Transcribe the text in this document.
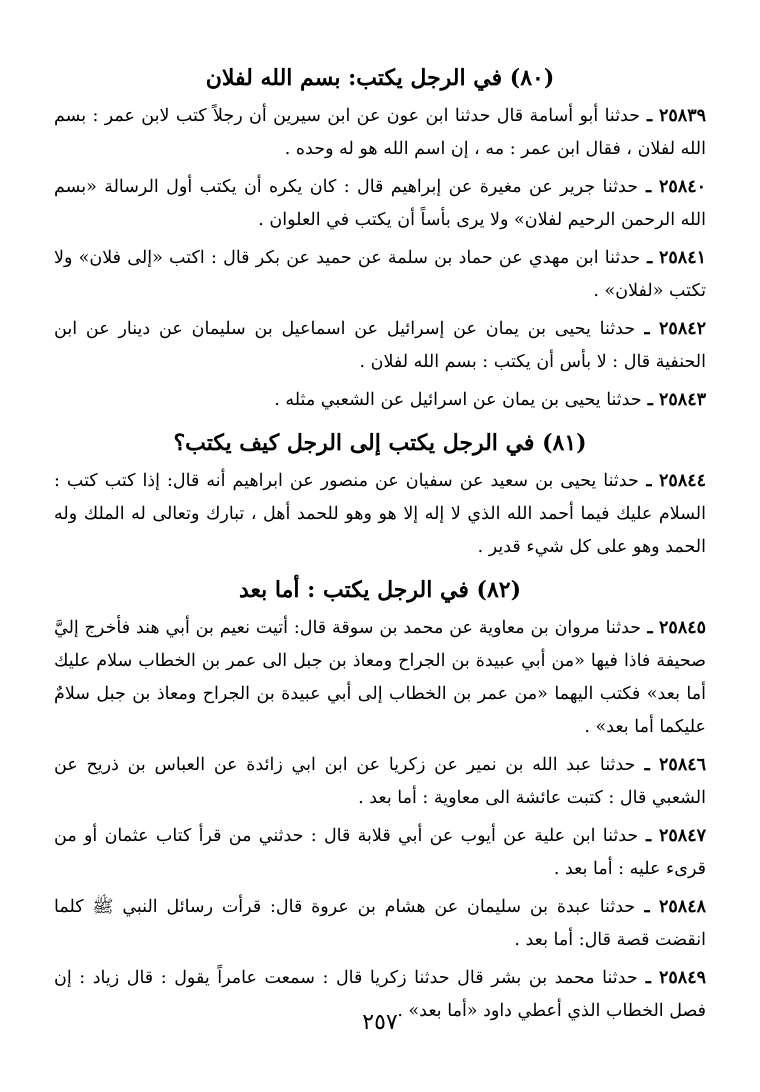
(٨٠) في الرجل يكتب: بسم الله لفلان

٢٥٨٣٩ ـ حدثنا أبو أسامة قال حدثنا ابن عون عن ابن سيرين أن رجلاً كتب لابن عمر : بسم الله لفلان ، فقال ابن عمر : مه ، إن اسم الله هو له وحده .

٢٥٨٤٠ ـ حدثنا جرير عن مغيرة عن إبراهيم قال : كان يكره أن يكتب أول الرسالة «بسم الله الرحمن الرحيم لفلان» ولا يرى بأساً أن يكتب في العلوان .

٢٥٨٤١ ـ حدثنا ابن مهدي عن حماد بن سلمة عن حميد عن بكر قال : اكتب «إلى فلان» ولا تكتب «لفلان» .

٢٥٨٤٢ ـ حدثنا يحيى بن يمان عن إسرائيل عن اسماعيل بن سليمان عن دينار عن ابن الحنفية قال : لا بأس أن يكتب : بسم الله لفلان .

٢٥٨٤٣ ـ حدثنا يحيى بن يمان عن اسرائيل عن الشعبي مثله .

(٨١) في الرجل يكتب إلى الرجل كيف يكتب؟

٢٥٨٤٤ ـ حدثنا يحيى بن سعيد عن سفيان عن منصور عن ابراهيم أنه قال: إذا كتب كتب : السلام عليك فيما أحمد الله الذي لا إله إلا هو وهو للحمد أهل ، تبارك وتعالى له الملك وله الحمد وهو على كل شيء قدير .

(٨٢) في الرجل يكتب : أما بعد

٢٥٨٤٥ ـ حدثنا مروان بن معاوية عن محمد بن سوقة قال: أتيت نعيم بن أبي هند فأخرج إليَّ صحيفة فاذا فيها «من أبي عبيدة بن الجراح ومعاذ بن جبل الى عمر بن الخطاب سلام عليك أما بعد» فكتب اليهما «من عمر بن الخطاب إلى أبي عبيدة بن الجراح ومعاذ بن جبل سلامٌ عليكما أما بعد» .

٢٥٨٤٦ ـ حدثنا عبد الله بن نمير عن زكريا عن ابن ابي زائدة عن العباس بن ذريح عن الشعبي قال : كتبت عائشة الى معاوية : أما بعد .

٢٥٨٤٧ ـ حدثنا ابن علية عن أيوب عن أبي قلابة قال : حدثني من قرأ كتاب عثمان أو من قرىء عليه : أما بعد .

٢٥٨٤٨ ـ حدثنا عبدة بن سليمان عن هشام بن عروة قال: قرأت رسائل النبي ﷺ كلما انقضت قصة قال: أما بعد .

٢٥٨٤٩ ـ حدثنا محمد بن بشر قال حدثنا زكريا قال : سمعت عامراً يقول : قال زياد : إن فصل الخطاب الذي أعطي داود «أما بعد» .

٢٥٧
